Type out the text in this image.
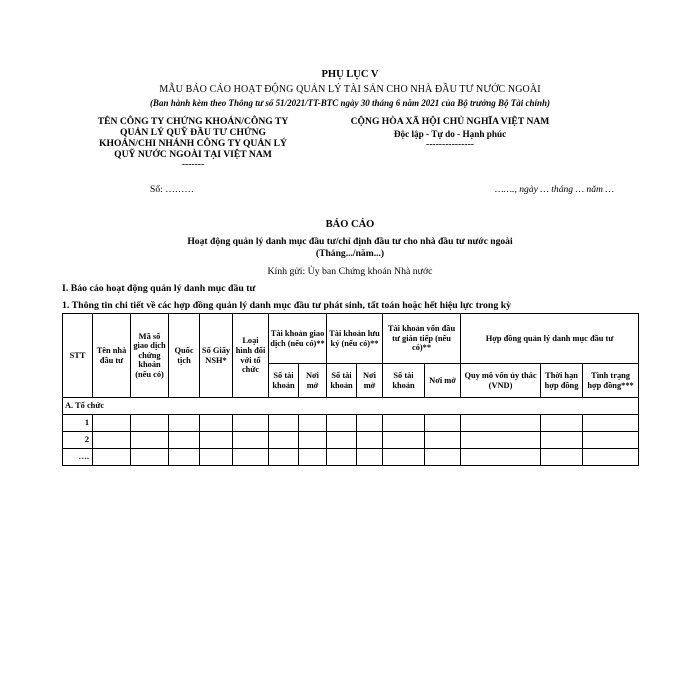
PHỤ LỤC V
MẪU BÁO CÁO HOẠT ĐỘNG QUẢN LÝ TÀI SẢN CHO NHÀ ĐẦU TƯ NƯỚC NGOÀI
(Ban hành kèm theo Thông tư số 51/2021/TT-BTC ngày 30 tháng 6 năm 2021 của Bộ trưởng Bộ Tài chính)
TÊN CÔNG TY CHỨNG KHOÁN/CÔNG TY
QUẢN LÝ QUỸ ĐẦU TƯ CHỨNG
KHOÁN/CHI NHÁNH CÔNG TY QUẢN LÝ
QUỸ NƯỚC NGOÀI TẠI VIỆT NAM
-------
CỘNG HÒA XÃ HỘI CHỦ NGHĨA VIỆT NAM
Độc lập - Tự do - Hạnh phúc
---------------
Số: ………	……., ngày … tháng … năm …
BÁO CÁO
Hoạt động quản lý danh mục đầu tư/chỉ định đầu tư cho nhà đầu tư nước ngoài
(Tháng.../năm...)
Kính gửi: Ủy ban Chứng khoán Nhà nước
I. Báo cáo hoạt động quản lý danh mục đầu tư
1. Thông tin chi tiết về các hợp đồng quản lý danh mục đầu tư phát sinh, tất toán hoặc hết hiệu lực trong kỳ
STT	Tên nhà đầu tư	Mã số giao dịch chứng khoán (nếu có)	Quốc tịch	Số Giấy NSH*	Loại hình đối với tổ chức	Tài khoản giao dịch (nếu có)**		Tài khoản lưu ký (nếu có)**		Tài khoản vốn đầu tư gián tiếp (nếu có)**		Hợp đồng quản lý danh mục đầu tư		
						Số tài khoản	Nơi mở	Số tài khoản	Nơi mở	Số tài khoản	Nơi mở	Quy mô vốn ủy thác (VND)	Thời hạn hợp đồng	Tình trạng hợp đồng***
A. Tổ chức														
1														
2														
….														
